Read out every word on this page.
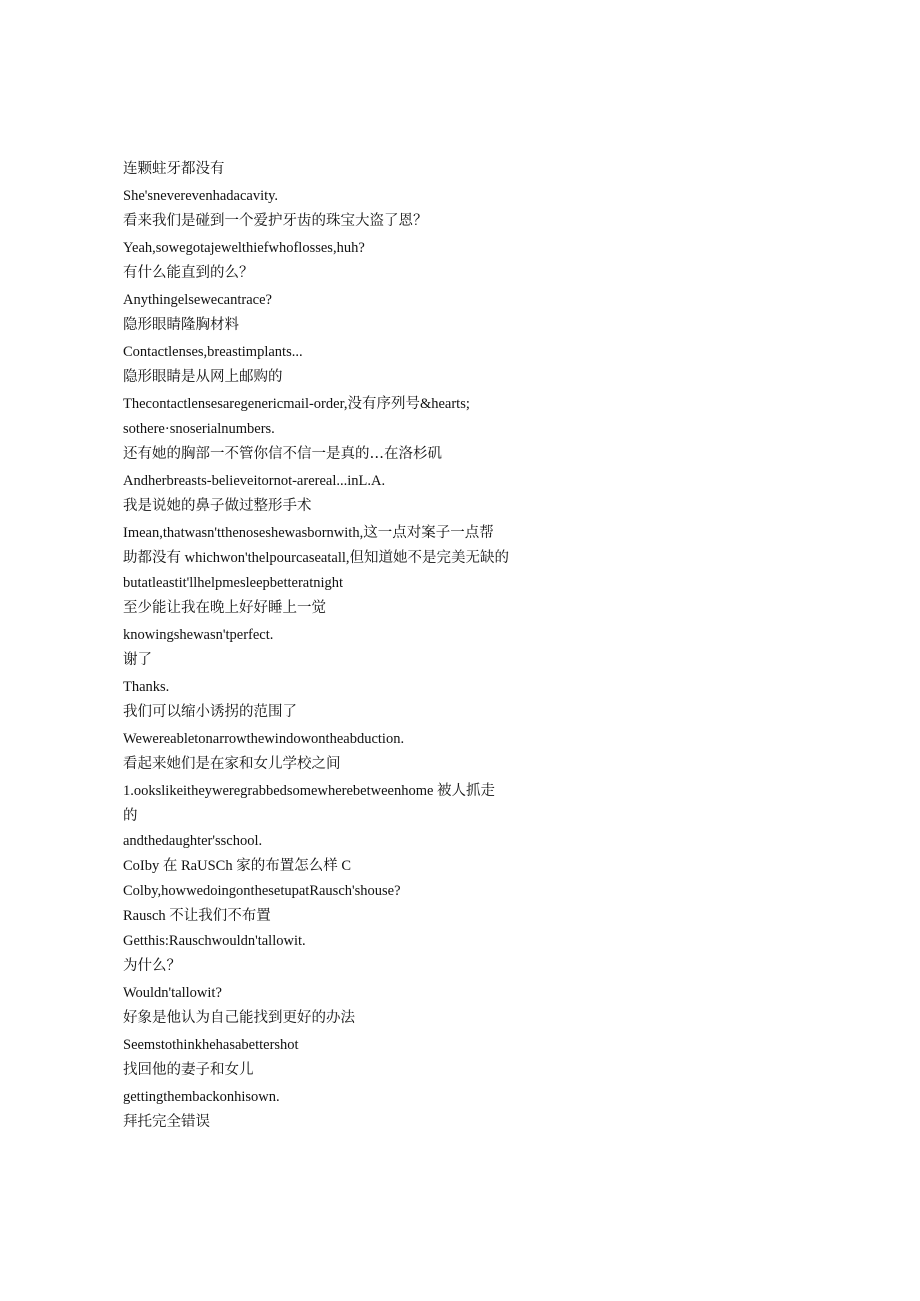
连颗蛀牙都没有

She'sneverevenhadacavity.

看来我们是碰到一个爱护牙齿的珠宝大盗了恩？

Yeah,sowegotajewelthiefwhoflosses,huh?

有什么能直到的么？

Anythingelsewecantrace?

隐形眼睛隆胸材料

Contactlenses,breastimplants...

隐形眼睛是从网上邮购的

Thecontactlensesaregenericmail-order,没有序列号&hearts;

sothere·snoserialnumbers.

还有她的胸部一不管你信不信一是真的…在洛杉矶

Andherbreasts-believeitornot-arereal...inL.A.

我是说她的鼻子做过整形手术

Imean,thatwasn'tthenoseshewasbornwith,这一点对案子一点帮

助都没有 whichwon'thelpourcaseatall,但知道她不是完美无缺的

butatleastit'llhelpmesleepbetteratnight

至少能让我在晚上好好睡上一觉

knowingshewasn'tperfect.

谢了

Thanks.

我们可以缩小诱拐的范围了

Wewereabletonarrowthewindowontheabduction.

看起来她们是在家和女儿学校之间

1.ookslikeitheyweregrabbedsomewherebetweenhome 被人抓走

的

andthedaughter'sschool.

CoIby 在 RaUSCh 家的布置怎么样 C

Colby,howwedoingonthesetupatRausch'shouse?

Rausch 不让我们不布置

Getthis:Rauschwouldn'tallowit.

为什么？

Wouldn'tallowit?

好象是他认为自己能找到更好的办法

Seemstothinkhehasabettershot

找回他的妻子和女儿

gettingthembackonhisown.

拜托完全错误
